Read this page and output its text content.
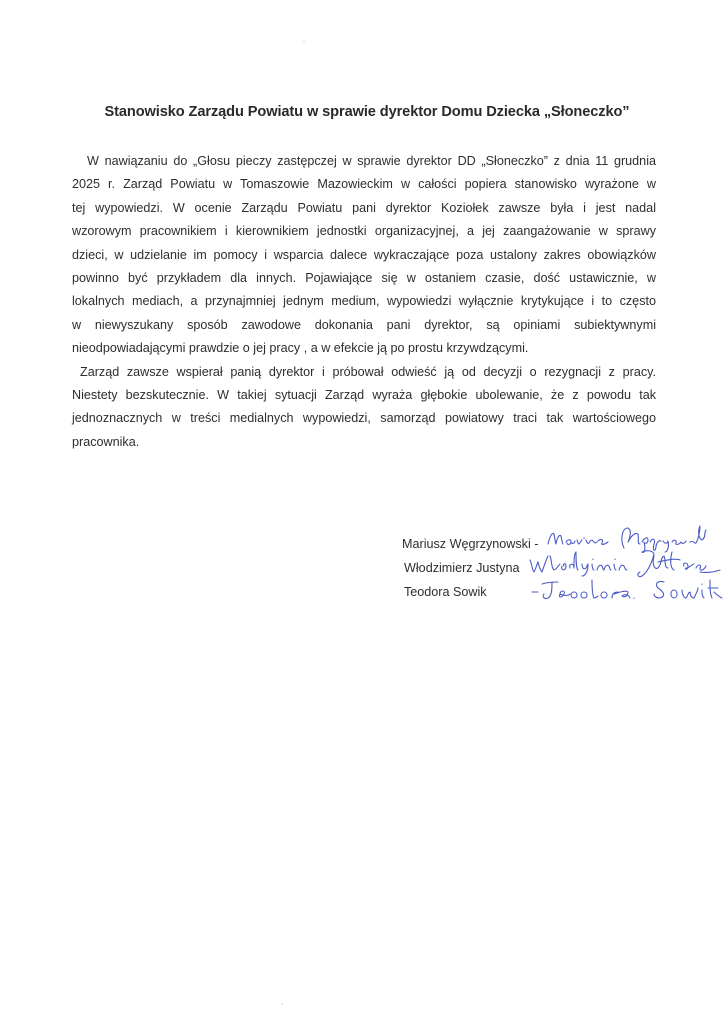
Stanowisko Zarządu Powiatu w sprawie dyrektor Domu Dziecka „Słoneczko”
W nawiązaniu do „Głosu pieczy zastępczej w sprawie dyrektor DD „Słoneczko” z dnia 11 grudnia
2025 r. Zarząd Powiatu w Tomaszowie Mazowieckim w całości popiera stanowisko wyrażone w
tej wypowiedzi. W ocenie Zarządu Powiatu pani dyrektor Koziołek zawsze była i jest nadal
wzorowym pracownikiem i kierownikiem jednostki organizacyjnej, a jej zaangażowanie w sprawy
dzieci, w udzielanie im pomocy i wsparcia dalece wykraczające poza ustalony zakres obowiązków
powinno być przykładem dla innych. Pojawiające się w ostaniem czasie, dość ustawicznie, w
lokalnych mediach, a przynajmniej jednym medium, wypowiedzi wyłącznie krytykujące i to często
w niewyszukany sposób zawodowe dokonania pani dyrektor, są opiniami subiektywnymi
nieodpowiadającymi prawdzie o jej pracy , a w efekcie ją po prostu krzywdzącymi.
Zarząd zawsze wspierał panią dyrektor i próbował odwieść ją od decyzji o rezygnacji z pracy.
Niestety bezskutecznie. W takiej sytuacji Zarząd wyraża głębokie ubolewanie, że z powodu tak
jednoznacznych w treści medialnych wypowiedzi, samorząd powiatowy traci tak wartościowego
pracownika.
Mariusz Węgrzynowski -
Włodzimierz Justyna
Teodora Sowik
